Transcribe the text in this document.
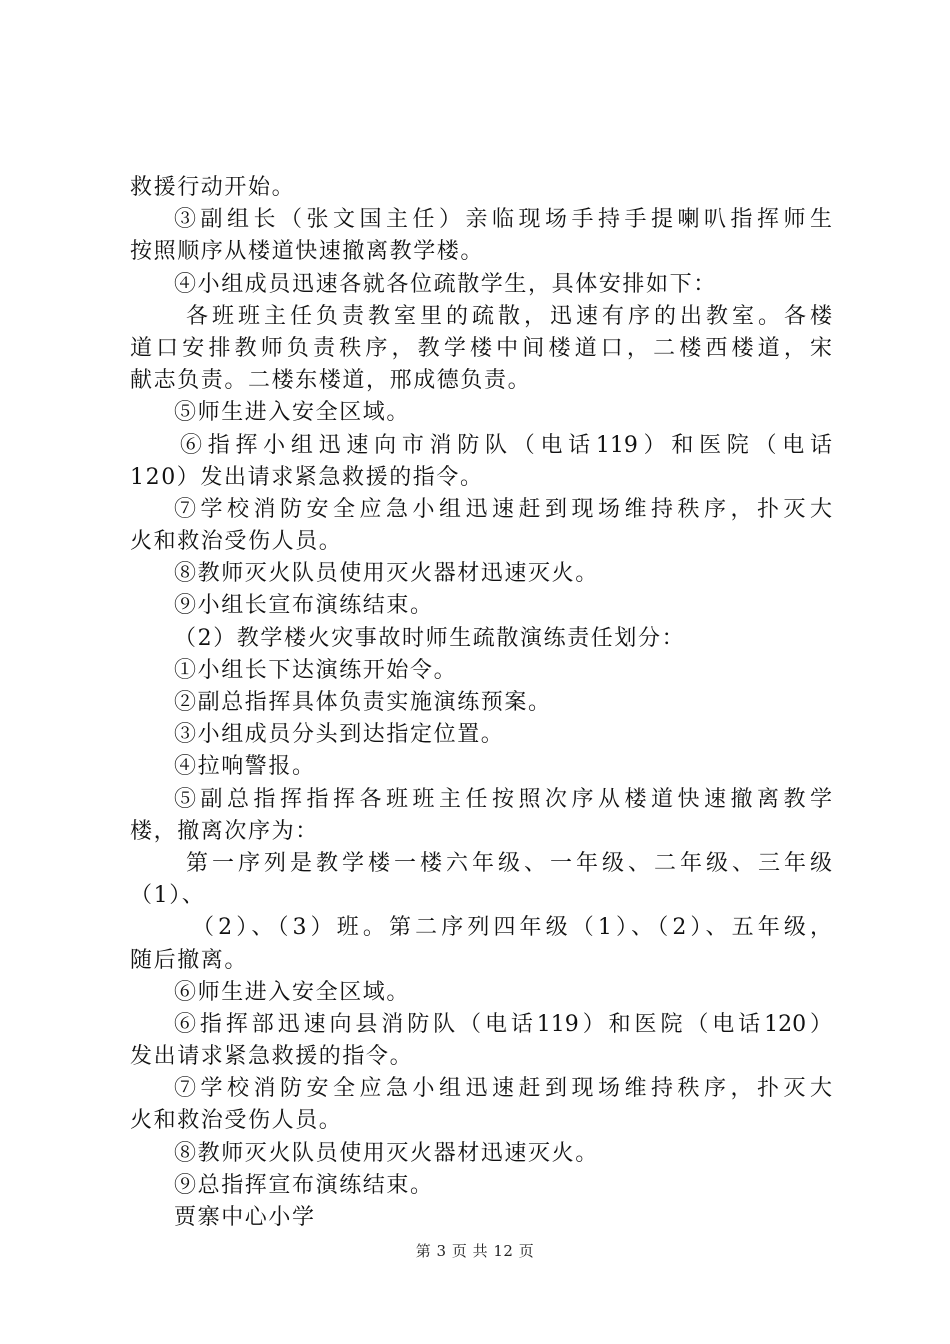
救援行动开始。
③副组长（张文国主任）亲临现场手持手提喇叭指挥师生
按照顺序从楼道快速撤离教学楼。
④小组成员迅速各就各位疏散学生，具体安排如下：
各班班主任负责教室里的疏散，迅速有序的出教室。各楼
道口安排教师负责秩序，教学楼中间楼道口，二楼西楼道，宋
献志负责。二楼东楼道，邢成德负责。
⑤师生进入安全区域。
⑥指挥小组迅速向市消防队（电话119）和医院（电话
120）发出请求紧急救援的指令。
⑦学校消防安全应急小组迅速赶到现场维持秩序，扑灭大
火和救治受伤人员。
⑧教师灭火队员使用灭火器材迅速灭火。
⑨小组长宣布演练结束。
（2）教学楼火灾事故时师生疏散演练责任划分：
①小组长下达演练开始令。
②副总指挥具体负责实施演练预案。
③小组成员分头到达指定位置。
④拉响警报。
⑤副总指挥指挥各班班主任按照次序从楼道快速撤离教学
楼，撤离次序为：
第一序列是教学楼一楼六年级、一年级、二年级、三年级
（1）、
（2）、（3）班。第二序列四年级（1）、（2）、五年级，
随后撤离。
⑥师生进入安全区域。
⑥指挥部迅速向县消防队（电话119）和医院（电话120）
发出请求紧急救援的指令。
⑦学校消防安全应急小组迅速赶到现场维持秩序，扑灭大
火和救治受伤人员。
⑧教师灭火队员使用灭火器材迅速灭火。
⑨总指挥宣布演练结束。
贾寨中心小学
第 3 页 共 12 页
